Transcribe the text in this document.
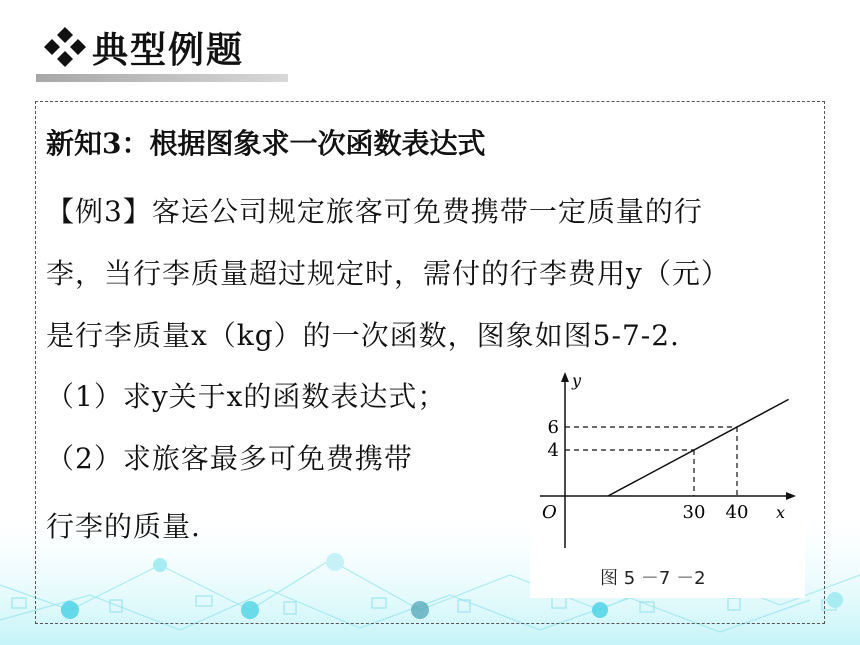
典型例题
新知3：根据图象求一次函数表达式
【例3】客运公司规定旅客可免费携带一定质量的行
李，当行李质量超过规定时，需付的行李费用y（元）
是行李质量x（kg）的一次函数，图象如图5-7-2.
（1）求y关于x的函数表达式；
（2）求旅客最多可免费携带
行李的质量.
y
x
O	30 40
4
6
图 5 －7 －2
